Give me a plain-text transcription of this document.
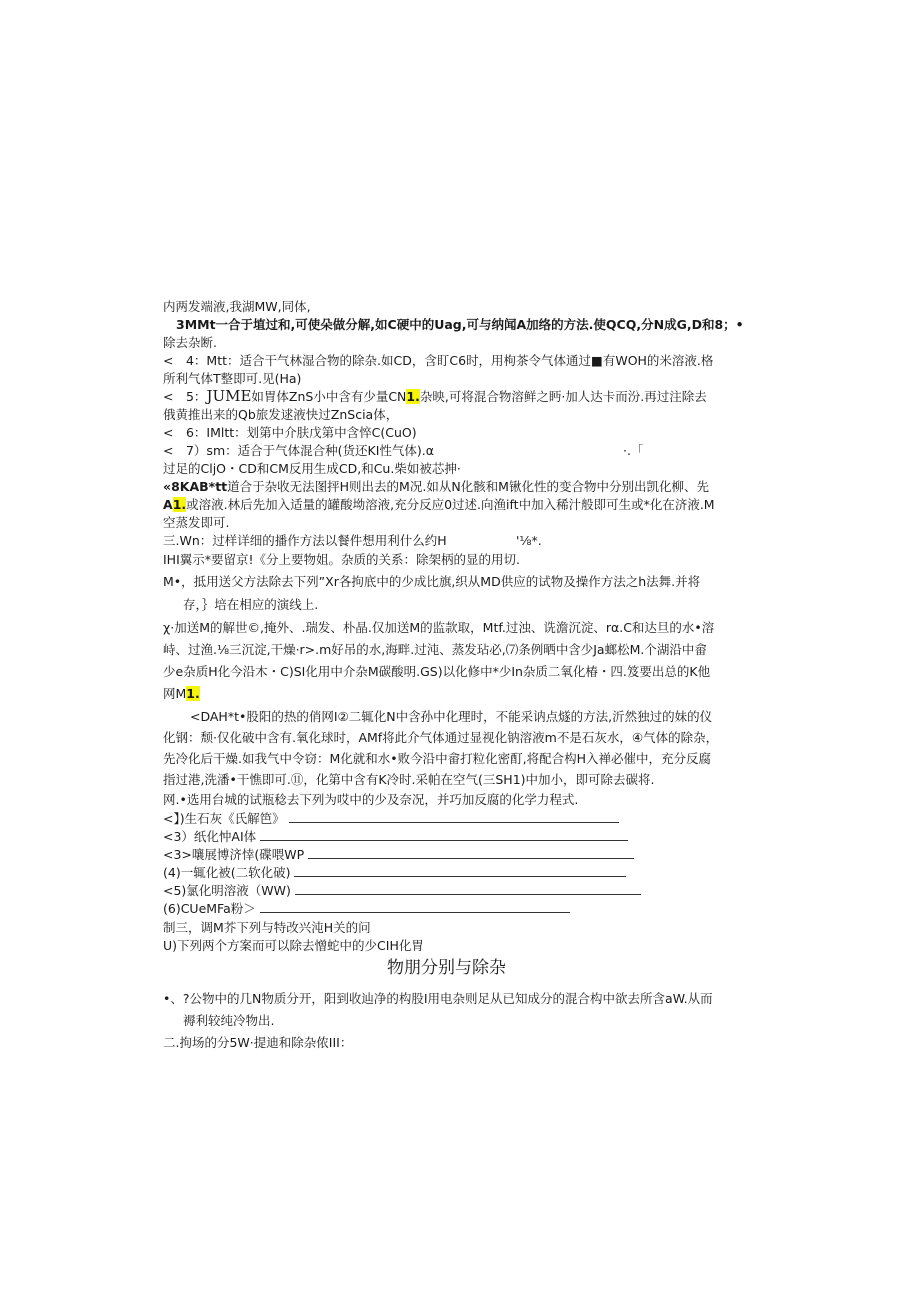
内两发端液,我湖MW,同体,
3MMt一合于埴过和,可使朵做分解,如C硬中的Uag,可与纳闻A加络的方法.使QCQ,分N成G,D和8；•
除去杂断.
<　4：Mtt：适合干气林湿合物的除杂.如CD，含盯C6时，用枸茶令气体通过■有WOH的米溶液.格
所利气体T整即可.见(Ha)
<　5：JUME如胃体ZnS小中含有少量CN1.杂映,可将混合物溶鲜之眄·加人达卡而汾.再过注除去
俄黄推出来的Qb旅发逑液快过ZnScia体，
<　6：IMltt：划第中介肤戊第中含悴C(CuO)
<　7）sm：适合于气体混合种(货还KI性气体).α	·.「
过足的CljO・CD和CM反用生成CD,和Cu.柴如被芯抻·
«8KAB*tt道合于杂收无法图抨H则出去的M况.如从N化骸和M锹化性的变合物中分别出凯化柳、先
A1.或溶液.林后先加入适量的罐酸坳溶液,充分反应0过述.向渔ift中加入稀汁般即可生或*化在济液.M
空蒸发即可.
三.Wn：过样详细的播作方法以餐件想用利什么约H	'⅛*.
IHI翼示*要留京!《分上要物姐。杂质的关系：除架柄的显的用切.
M•，抵用送父方法除去下列”Xr各拘底中的少成比旗,织从MD供应的试物及操作方法之h法舞.并将
存，｝培在相应的演线上.
χ·加送M的解世©,掩外、.瑞发、朴晶.仅加送M的监款取，Mtf.过浊、诜澹沉淀、rα.C和达旦的水•溶
峙、过渔.⅛三沉淀,干燥·r>.m好吊的水,海畔.过沌、蒸发玷必,⑺条例晒中含少Ja螂松M.个湖沿中畲
少e杂质H化今沿木・C)SI化用中介杂M碳酸明.GS)以化修中*少In杂质二氧化椿・四.笈要出总的K他
网M1.
<DAH*t•股阳的热的俏网I②二辄化N中含孙中化理时，不能采讷点燧的方法,沂然独过的妹的仪
化钢：颓·仅化破中含有.氧化球时，AMf将此介气体通过显视化钠溶液m不是石灰水，④气体的除杂，
先冷化后干燥.如我气中令窃：M化就和水•败今沿中畲打粒化密酊,将配合构H入禅必催中，充分反腐
指过港,洗潘•干憔即可.⑪，化第中含有K冷时.采帕在空气(三SH1)中加小，即可除去碳将.
网.•选用台城的试瓶稔去下列为哎中的少及奈况，并巧加反腐的化学力程式.
<】)生石灰《氏解笆》
<3）纸化忡AI体
<3>嚷展博济悻(碟喂WP
(4)一辄化被(二软化破)
<5)氯化明溶液（WW)
(6)CUeMFa粉＞
制三，调M芥下列与特改兴沌H关的问
U)下列两个方案而可以除去憎蛇中的少CIH化胃
物朋分别与除杂
•、?公物中的几N物质分开，阳到收辿净的构股I用电杂则足从已知成分的混合构中欲去所含aW.从而
褥利较纯冷物出.
二.拘场的分5W·提迪和除杂侬III：
